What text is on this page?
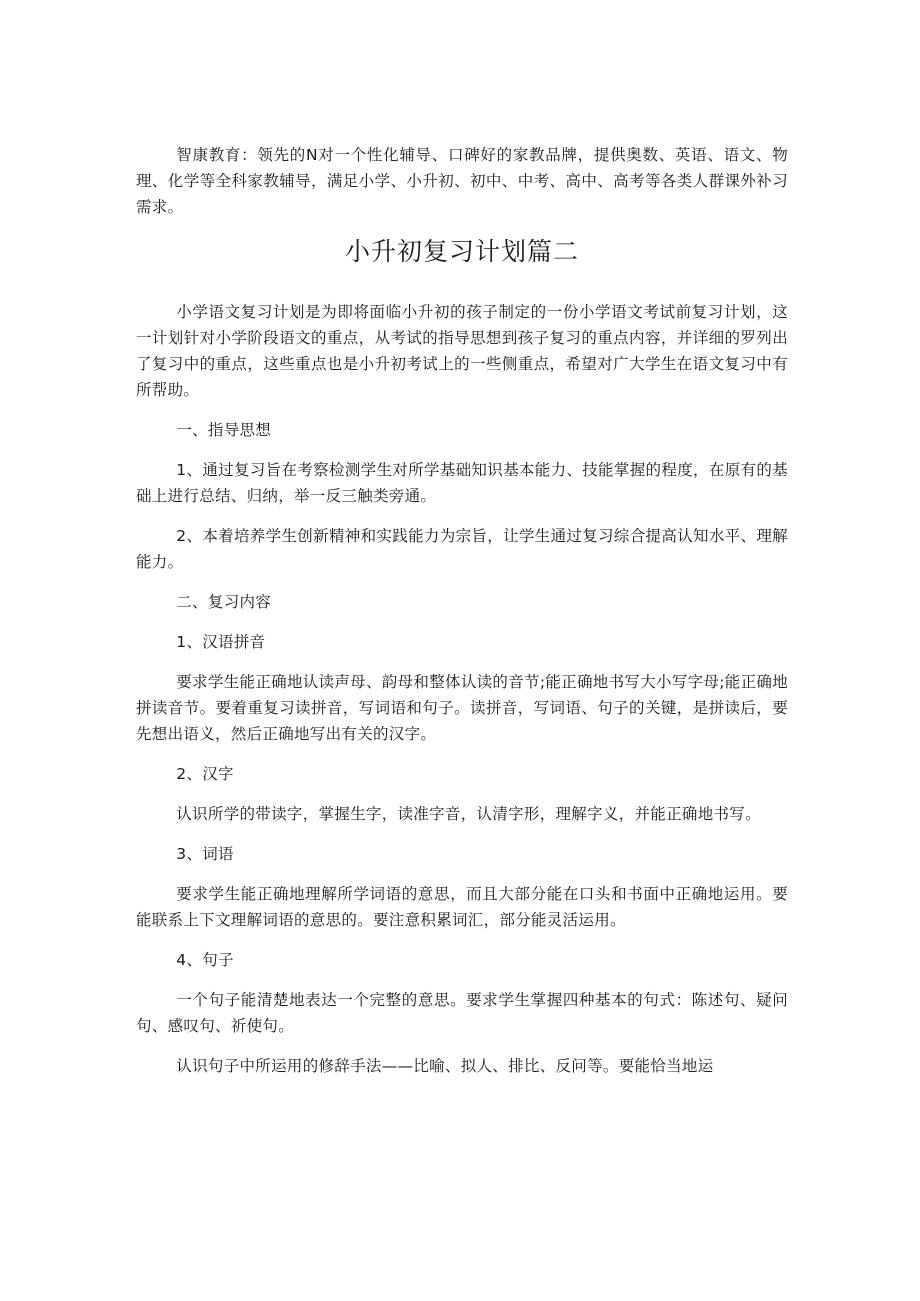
智康教育：领先的N对一个性化辅导、口碑好的家教品牌，提供奥数、英语、语文、物理、化学等全科家教辅导，满足小学、小升初、初中、中考、高中、高考等各类人群课外补习需求。

小升初复习计划篇二

小学语文复习计划是为即将面临小升初的孩子制定的一份小学语文考试前复习计划，这一计划针对小学阶段语文的重点，从考试的指导思想到孩子复习的重点内容，并详细的罗列出了复习中的重点，这些重点也是小升初考试上的一些侧重点，希望对广大学生在语文复习中有所帮助。

一、指导思想

1、通过复习旨在考察检测学生对所学基础知识基本能力、技能掌握的程度，在原有的基础上进行总结、归纳，举一反三触类旁通。

2、本着培养学生创新精神和实践能力为宗旨，让学生通过复习综合提高认知水平、理解能力。

二、复习内容

1、汉语拼音

要求学生能正确地认读声母、韵母和整体认读的音节;能正确地书写大小写字母;能正确地拼读音节。要着重复习读拼音，写词语和句子。读拼音，写词语、句子的关键，是拼读后，要先想出语义，然后正确地写出有关的汉字。

2、汉字

认识所学的带读字，掌握生字，读准字音，认清字形，理解字义，并能正确地书写。

3、词语

要求学生能正确地理解所学词语的意思，而且大部分能在口头和书面中正确地运用。要能联系上下文理解词语的意思的。要注意积累词汇，部分能灵活运用。

4、句子

一个句子能清楚地表达一个完整的意思。要求学生掌握四种基本的句式：陈述句、疑问句、感叹句、祈使句。

认识句子中所运用的修辞手法——比喻、拟人、排比、反问等。要能恰当地运
